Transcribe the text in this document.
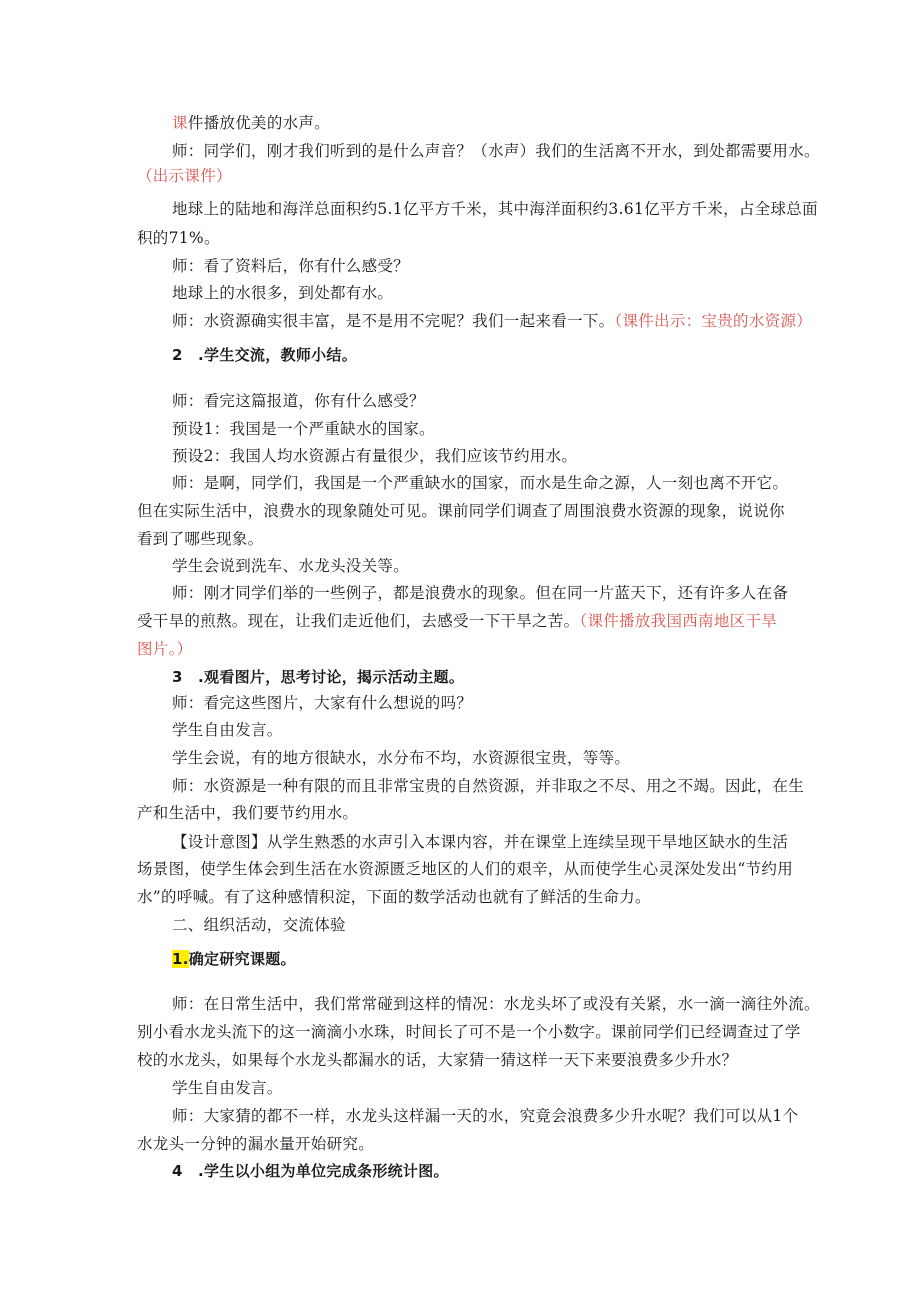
课件播放优美的水声。
师：同学们，刚才我们听到的是什么声音？（水声）我们的生活离不开水，到处都需要用水。
（出示课件）
地球上的陆地和海洋总面积约5.1亿平方千米，其中海洋面积约3.61亿平方千米，占全球总面
积的71%。
师：看了资料后，你有什么感受？
地球上的水很多，到处都有水。
师：水资源确实很丰富，是不是用不完呢？我们一起来看一下。（课件出示：宝贵的水资源）
2　.学生交流，教师小结。
师：看完这篇报道，你有什么感受？
预设1：我国是一个严重缺水的国家。
预设2：我国人均水资源占有量很少，我们应该节约用水。
师：是啊，同学们，我国是一个严重缺水的国家，而水是生命之源，人一刻也离不开它。
但在实际生活中，浪费水的现象随处可见。课前同学们调查了周围浪费水资源的现象，说说你
看到了哪些现象。
学生会说到洗车、水龙头没关等。
师：刚才同学们举的一些例子，都是浪费水的现象。但在同一片蓝天下，还有许多人在备
受干旱的煎熬。现在，让我们走近他们，去感受一下干旱之苦。（课件播放我国西南地区干旱
图片。）
3　.观看图片，思考讨论，揭示活动主题。
师：看完这些图片，大家有什么想说的吗？
学生自由发言。
学生会说，有的地方很缺水，水分布不均，水资源很宝贵，等等。
师：水资源是一种有限的而且非常宝贵的自然资源，并非取之不尽、用之不竭。因此，在生
产和生活中，我们要节约用水。
【设计意图】从学生熟悉的水声引入本课内容，并在课堂上连续呈现干旱地区缺水的生活
场景图，使学生体会到生活在水资源匮乏地区的人们的艰辛，从而使学生心灵深处发出“节约用
水”的呼喊。有了这种感情积淀，下面的数学活动也就有了鲜活的生命力。
二、组织活动，交流体验
1.确定研究课题。
师：在日常生活中，我们常常碰到这样的情况：水龙头坏了或没有关紧，水一滴一滴往外流。
别小看水龙头流下的这一滴滴小水珠，时间长了可不是一个小数字。课前同学们已经调查过了学
校的水龙头，如果每个水龙头都漏水的话，大家猜一猜这样一天下来要浪费多少升水？
学生自由发言。
师：大家猜的都不一样，水龙头这样漏一天的水，究竟会浪费多少升水呢？我们可以从1个
水龙头一分钟的漏水量开始研究。
4　.学生以小组为单位完成条形统计图。
